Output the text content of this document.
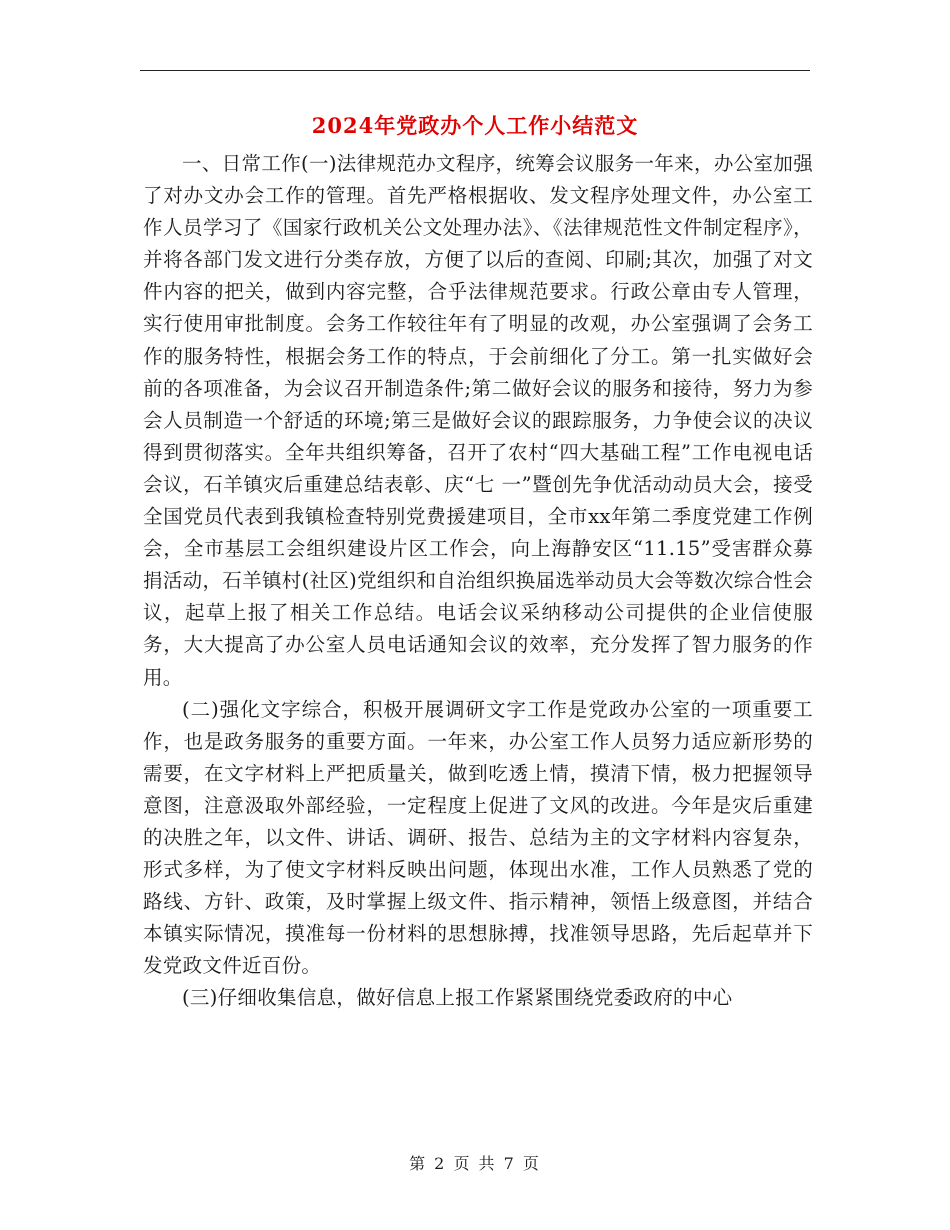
2024年党政办个人工作小结范文

一、日常工作(一)法律规范办文程序，统筹会议服务一年来，办公室加强了对办文办会工作的管理。首先严格根据收、发文程序处理文件，办公室工作人员学习了《国家行政机关公文处理办法》、《法律规范性文件制定程序》，并将各部门发文进行分类存放，方便了以后的查阅、印刷;其次，加强了对文件内容的把关，做到内容完整，合乎法律规范要求。行政公章由专人管理，实行使用审批制度。会务工作较往年有了明显的改观，办公室强调了会务工作的服务特性，根据会务工作的特点，于会前细化了分工。第一扎实做好会前的各项准备，为会议召开制造条件;第二做好会议的服务和接待，努力为参会人员制造一个舒适的环境;第三是做好会议的跟踪服务，力争使会议的决议得到贯彻落实。全年共组织筹备，召开了农村“四大基础工程”工作电视电话会议，石羊镇灾后重建总结表彰、庆“七 一”暨创先争优活动动员大会，接受全国党员代表到我镇检查特别党费援建项目，全市xx年第二季度党建工作例会，全市基层工会组织建设片区工作会，向上海静安区“11.15”受害群众募捐活动，石羊镇村(社区)党组织和自治组织换届选举动员大会等数次综合性会议，起草上报了相关工作总结。电话会议采纳移动公司提供的企业信使服务，大大提高了办公室人员电话通知会议的效率，充分发挥了智力服务的作用。

(二)强化文字综合，积极开展调研文字工作是党政办公室的一项重要工作，也是政务服务的重要方面。一年来，办公室工作人员努力适应新形势的需要，在文字材料上严把质量关，做到吃透上情，摸清下情，极力把握领导意图，注意汲取外部经验，一定程度上促进了文风的改进。今年是灾后重建的决胜之年，以文件、讲话、调研、报告、总结为主的文字材料内容复杂，形式多样，为了使文字材料反映出问题，体现出水准，工作人员熟悉了党的路线、方针、政策，及时掌握上级文件、指示精神，领悟上级意图，并结合本镇实际情况，摸准每一份材料的思想脉搏，找准领导思路，先后起草并下发党政文件近百份。

(三)仔细收集信息，做好信息上报工作紧紧围绕党委政府的中心

第 2 页 共 7 页
